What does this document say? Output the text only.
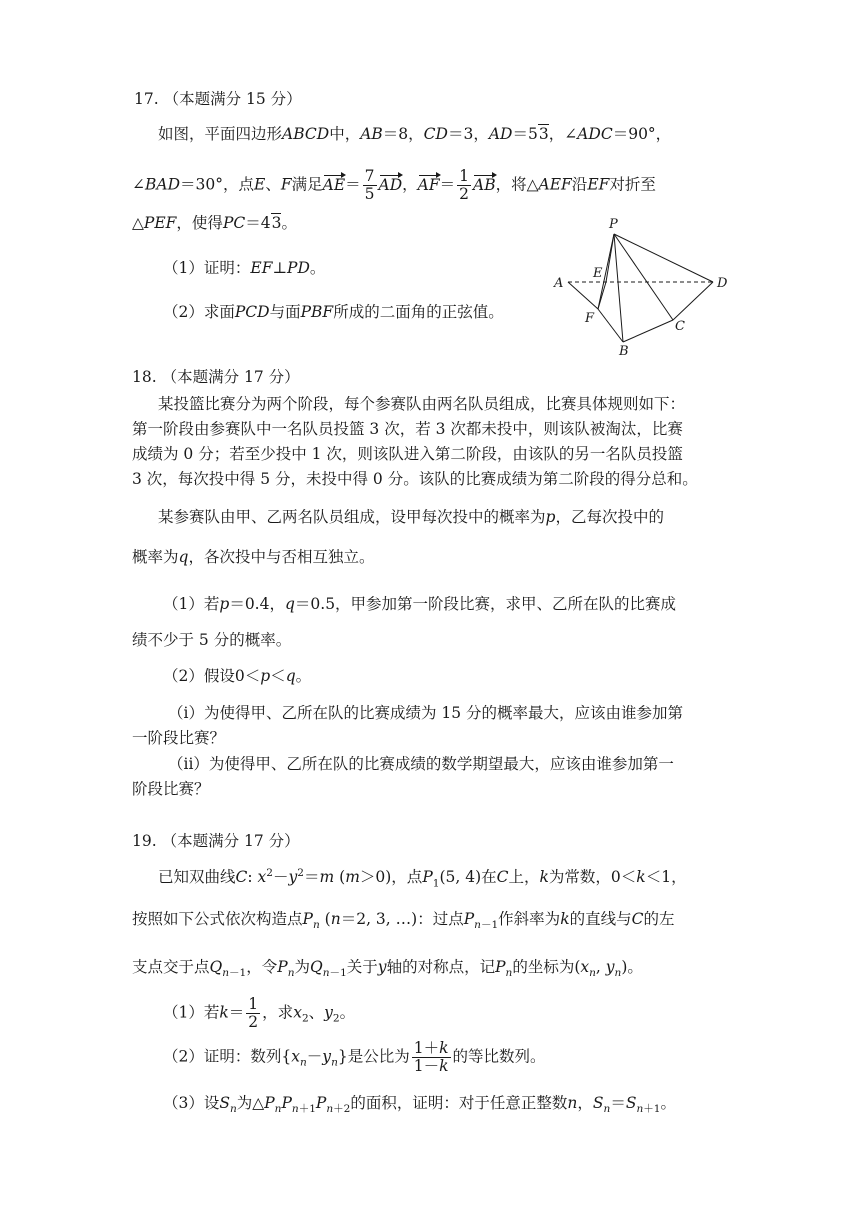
17. （本题满分 15 分）
如图，平面四边形ABCD中，AB＝8，CD＝3，AD＝53，∠ADC＝90°，
∠BAD＝30°，点E、F满足$AE= \frac{7}{5}$ AD，$AF= \frac{1}{2}$ AB，将△AEF沿EF对折至
△PEF，使得PC＝43。
（1）证明：EF⊥PD。
（2）求面PCD与面PBF所成的二面角的正弦值。
P
A
E
D
F
C
B
18. （本题满分 17 分）
某投篮比赛分为两个阶段，每个参赛队由两名队员组成，比赛具体规则如下：
第一阶段由参赛队中一名队员投篮 3 次，若 3 次都未投中，则该队被淘汰，比赛
成绩为 0 分；若至少投中 1 次，则该队进入第二阶段，由该队的另一名队员投篮
3 次，每次投中得 5 分，未投中得 0 分。该队的比赛成绩为第二阶段的得分总和。
某参赛队由甲、乙两名队员组成，设甲每次投中的概率为p，乙每次投中的
概率为q，各次投中与否相互独立。
（1）若p＝0.4，q＝0.5，甲参加第一阶段比赛，求甲、乙所在队的比赛成
绩不少于 5 分的概率。
（2）假设0＜p＜q。
（i）为使得甲、乙所在队的比赛成绩为 15 分的概率最大，应该由谁参加第
一阶段比赛？
（ii）为使得甲、乙所在队的比赛成绩的数学期望最大，应该由谁参加第一
阶段比赛？
19. （本题满分 17 分）
已知双曲线C: $x^2-y^2=m$ (m＞0)，点$P_1(5$, 4)在C上，k为常数，0＜k＜1，
按照如下公式依次构造点$P_n$ (n＝2, 3, …)：过点$P_{n-1}$作斜率为k的直线与C的左
支点交于点$Q_{n-1}$，令$P_n$为$Q_{n-1}$关于y轴的对称点，记$P_n$的坐标为($x_n$, $y_n$)。
（1）若$k= \frac{1}{2}$ ，求$x_2$、$y_2$。
（2）证明：数列$\{x_n-y_n\}$是公比为 $\frac{1+k}{1-k}$ 的等比数列。
（3）设$S_n$为$\triangle P_nP_{n+1}P_{n+2}$的面积，证明：对于任意正整数n，$S_n=S_{n+1}$。
